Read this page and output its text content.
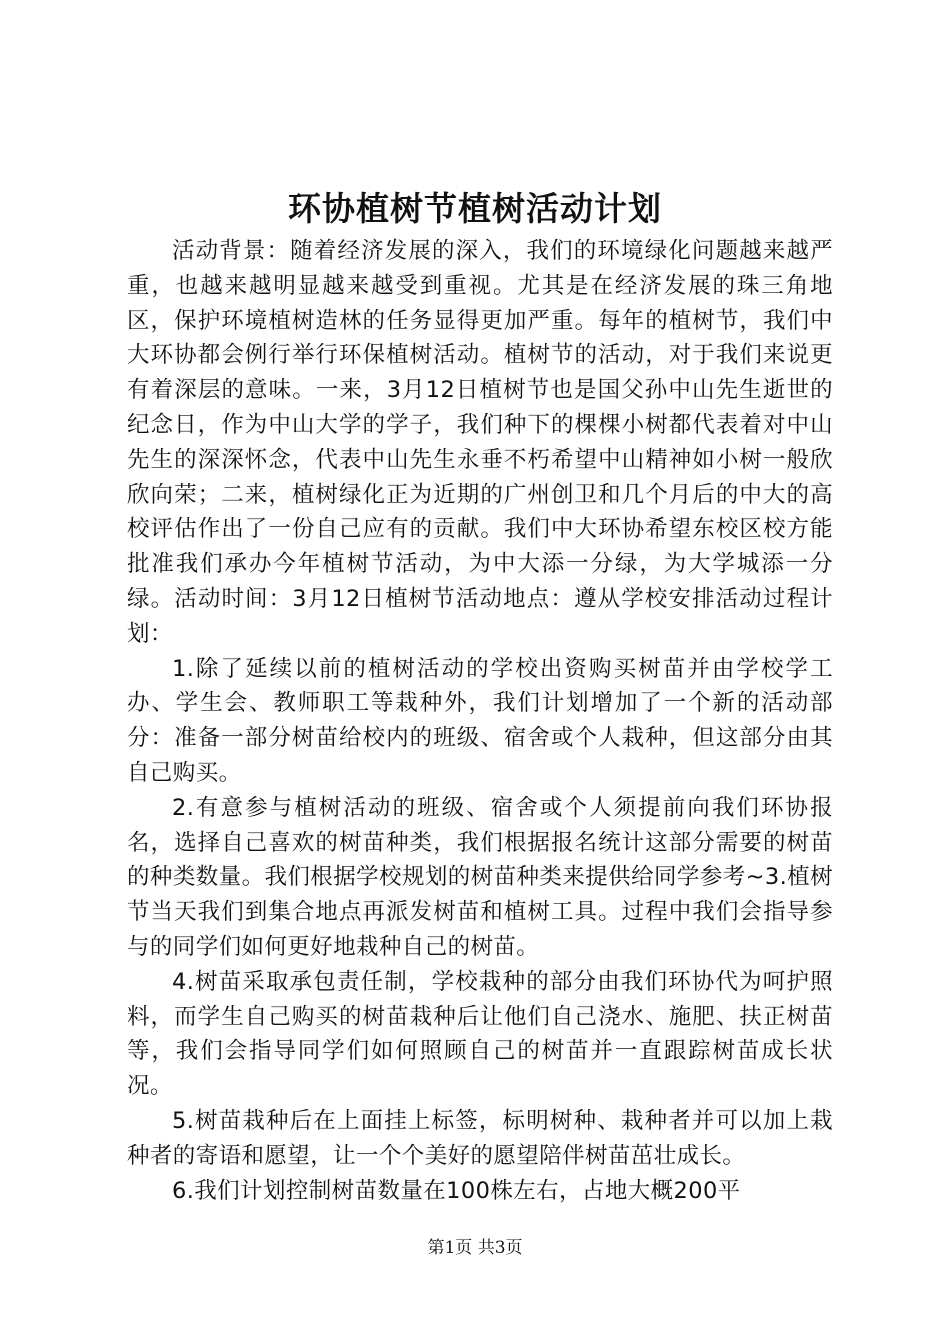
环协植树节植树活动计划

活动背景：随着经济发展的深入，我们的环境绿化问题越来越严重，也越来越明显越来越受到重视。尤其是在经济发展的珠三角地区，保护环境植树造林的任务显得更加严重。每年的植树节，我们中大环协都会例行举行环保植树活动。植树节的活动，对于我们来说更有着深层的意味。一来，3月12日植树节也是国父孙中山先生逝世的纪念日，作为中山大学的学子，我们种下的棵棵小树都代表着对中山先生的深深怀念，代表中山先生永垂不朽希望中山精神如小树一般欣欣向荣；二来，植树绿化正为近期的广州创卫和几个月后的中大的高校评估作出了一份自己应有的贡献。我们中大环协希望东校区校方能批准我们承办今年植树节活动，为中大添一分绿，为大学城添一分绿。活动时间：3月12日植树节活动地点：遵从学校安排活动过程计划：

1.除了延续以前的植树活动的学校出资购买树苗并由学校学工办、学生会、教师职工等栽种外，我们计划增加了一个新的活动部分：准备一部分树苗给校内的班级、宿舍或个人栽种，但这部分由其自己购买。

2.有意参与植树活动的班级、宿舍或个人须提前向我们环协报名，选择自己喜欢的树苗种类，我们根据报名统计这部分需要的树苗的种类数量。我们根据学校规划的树苗种类来提供给同学参考~3.植树节当天我们到集合地点再派发树苗和植树工具。过程中我们会指导参与的同学们如何更好地栽种自己的树苗。

4.树苗采取承包责任制，学校栽种的部分由我们环协代为呵护照料，而学生自己购买的树苗栽种后让他们自己浇水、施肥、扶正树苗等，我们会指导同学们如何照顾自己的树苗并一直跟踪树苗成长状况。

5.树苗栽种后在上面挂上标签，标明树种、栽种者并可以加上栽种者的寄语和愿望，让一个个美好的愿望陪伴树苗茁壮成长。

6.我们计划控制树苗数量在100株左右，占地大概200平

第1页 共3页
